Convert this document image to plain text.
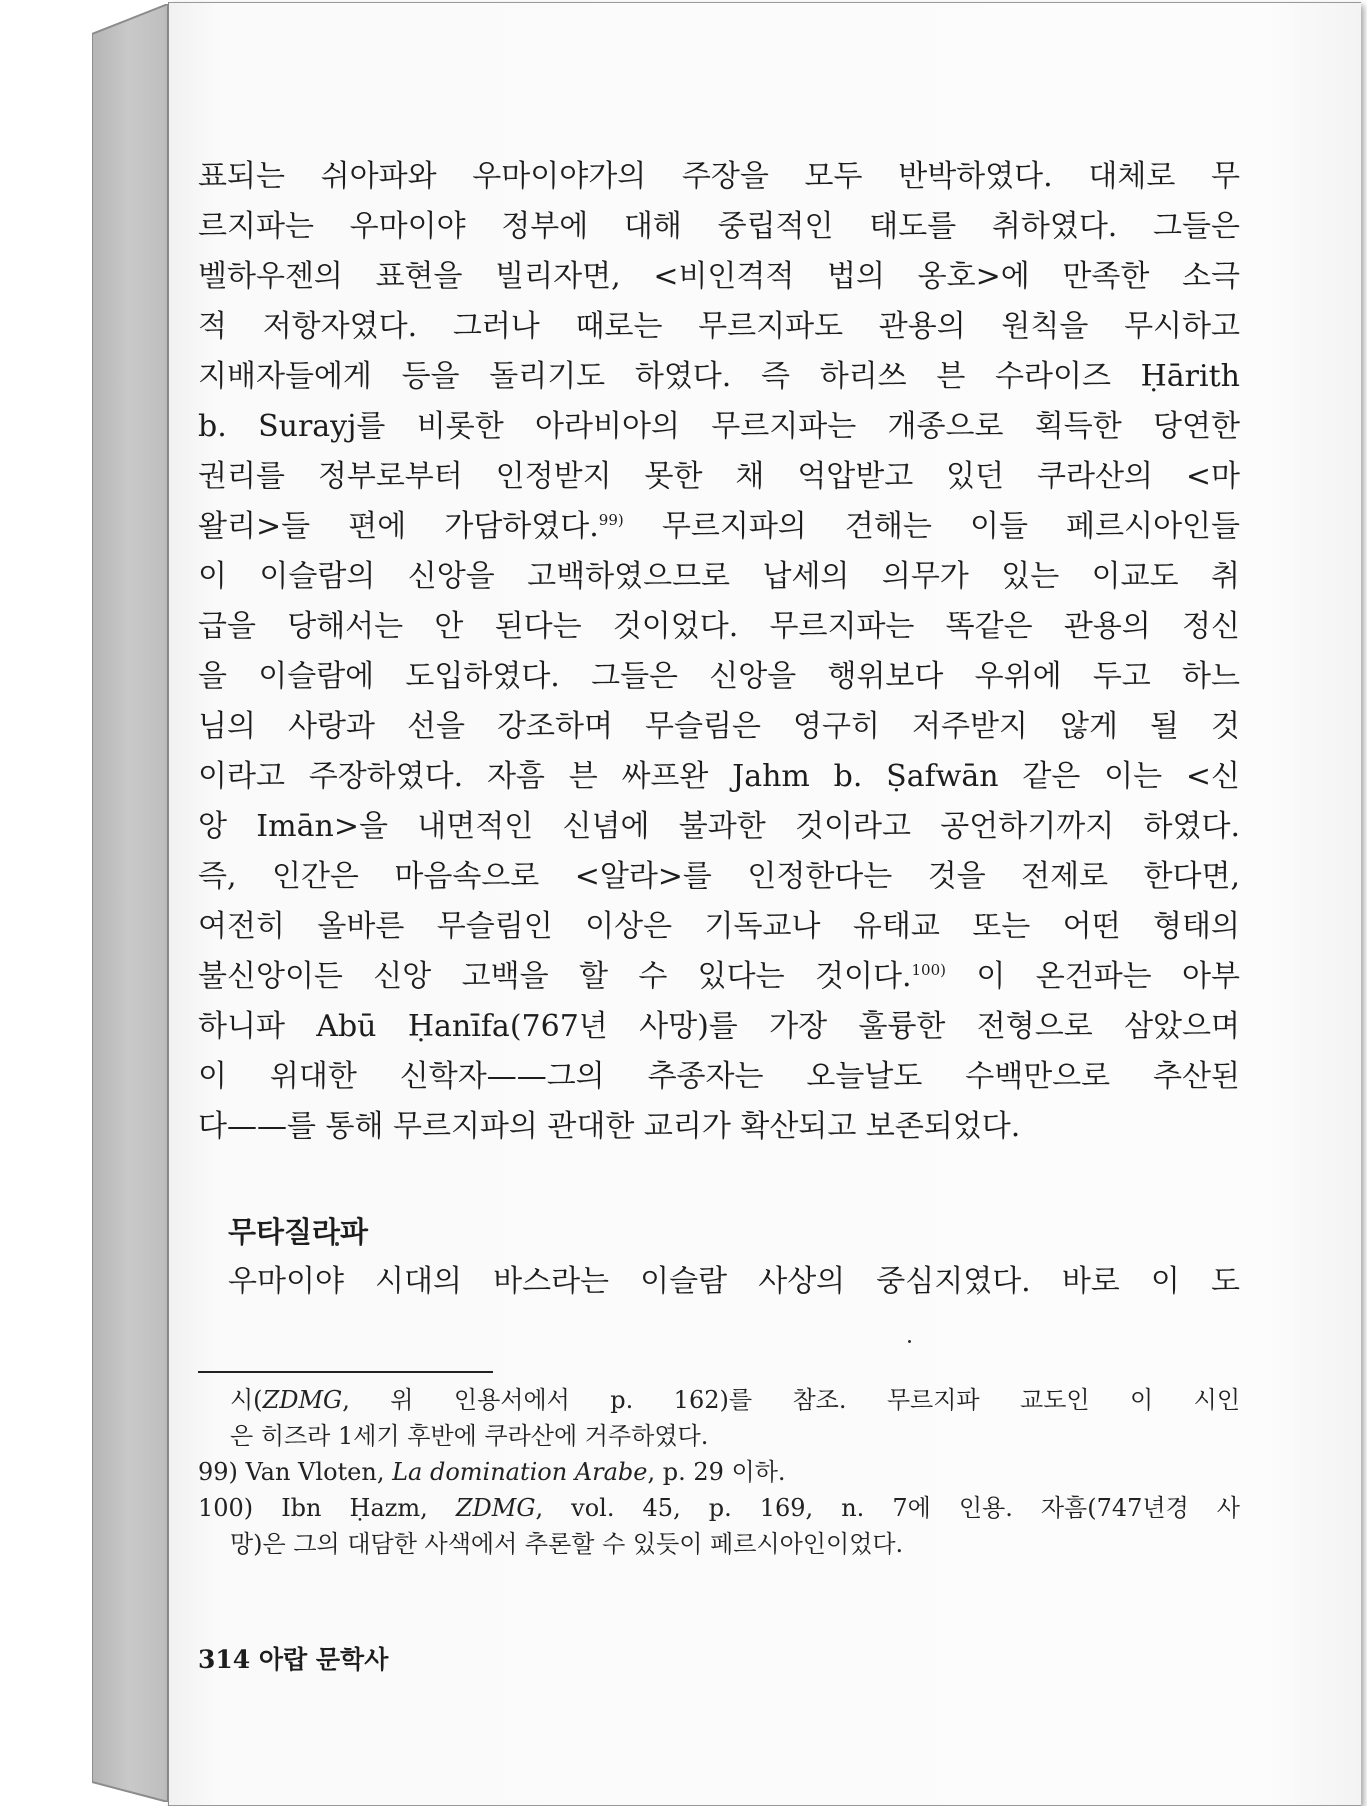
표되는 쉬아파와 우마이야가의 주장을 모두 반박하였다. 대체로 무
르지파는 우마이야 정부에 대해 중립적인 태도를 취하였다. 그들은
벨하우젠의 표현을 빌리자면, <비인격적 법의 옹호>에 만족한 소극
적 저항자였다. 그러나 때로는 무르지파도 관용의 원칙을 무시하고
지배자들에게 등을 돌리기도 하였다. 즉 하리쓰 븐 수라이즈 Ḥārith
b. Surayj를 비롯한 아라비아의 무르지파는 개종으로 획득한 당연한
권리를 정부로부터 인정받지 못한 채 억압받고 있던 쿠라산의 <마
왈리>들 편에 가담하였다.$^{99)}$ 무르지파의 견해는 이들 페르시아인들
이 이슬람의 신앙을 고백하였으므로 납세의 의무가 있는 이교도 취
급을 당해서는 안 된다는 것이었다. 무르지파는 똑같은 관용의 정신
을 이슬람에 도입하였다. 그들은 신앙을 행위보다 우위에 두고 하느
님의 사랑과 선을 강조하며 무슬림은 영구히 저주받지 않게 될 것
이라고 주장하였다. 자흠 븐 싸프완 Jahm b. Ṣafwān 같은 이는 <신
앙 Imān>을 내면적인 신념에 불과한 것이라고 공언하기까지 하였다.
즉, 인간은 마음속으로 <알라>를 인정한다는 것을 전제로 한다면,
여전히 올바른 무슬림인 이상은 기독교나 유태교 또는 어떤 형태의
불신앙이든 신앙 고백을 할 수 있다는 것이다.$^{100)}$ 이 온건파는 아부
하니파 Abū Ḥanīfa(767년 사망)를 가장 훌륭한 전형으로 삼았으며
이 위대한 신학자——그의 추종자는 오늘날도 수백만으로 추산된
다——를 통해 무르지파의 관대한 교리가 확산되고 보존되었다.
무타질라파
우마이야 시대의 바스라는 이슬람 사상의 중심지였다. 바로 이 도
시(ZDMG, 위 인용서에서 p. 162)를 참조. 무르지파 교도인 이 시인
은 히즈라 1세기 후반에 쿠라산에 거주하였다.
99) Van Vloten, La domination Arabe, p. 29 이하.
100) Ibn Ḥazm, ZDMG, vol. 45, p. 169, n. 7에 인용. 자흠(747년경 사
망)은 그의 대담한 사색에서 추론할 수 있듯이 페르시아인이었다.
314 아랍 문학사
